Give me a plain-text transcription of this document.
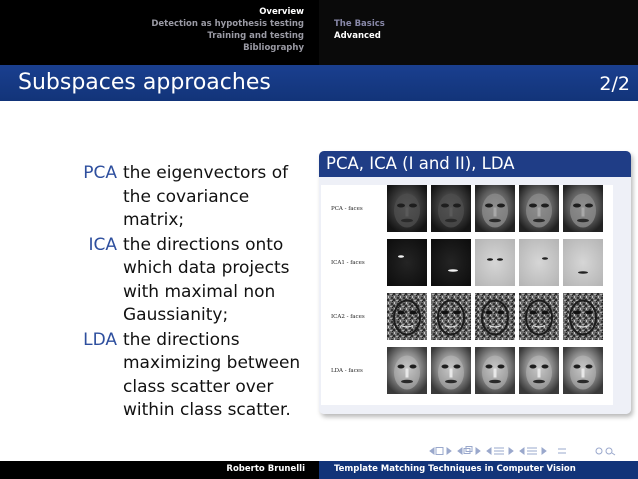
Overview
Detection as hypothesis testing
Training and testing
Bibliography
The Basics
Advanced
Subspaces approaches	2/2
PCA the eigenvectors of the covariance matrix;
ICA the directions onto which data projects with maximal non Gaussianity;
LDA the directions maximizing between class scatter over within class scatter.
PCA, ICA (I and II), LDA
PCA - faces
ICA1 - faces
ICA2 - faces
LDA - faces
Roberto Brunelli	Template Matching Techniques in Computer Vision
